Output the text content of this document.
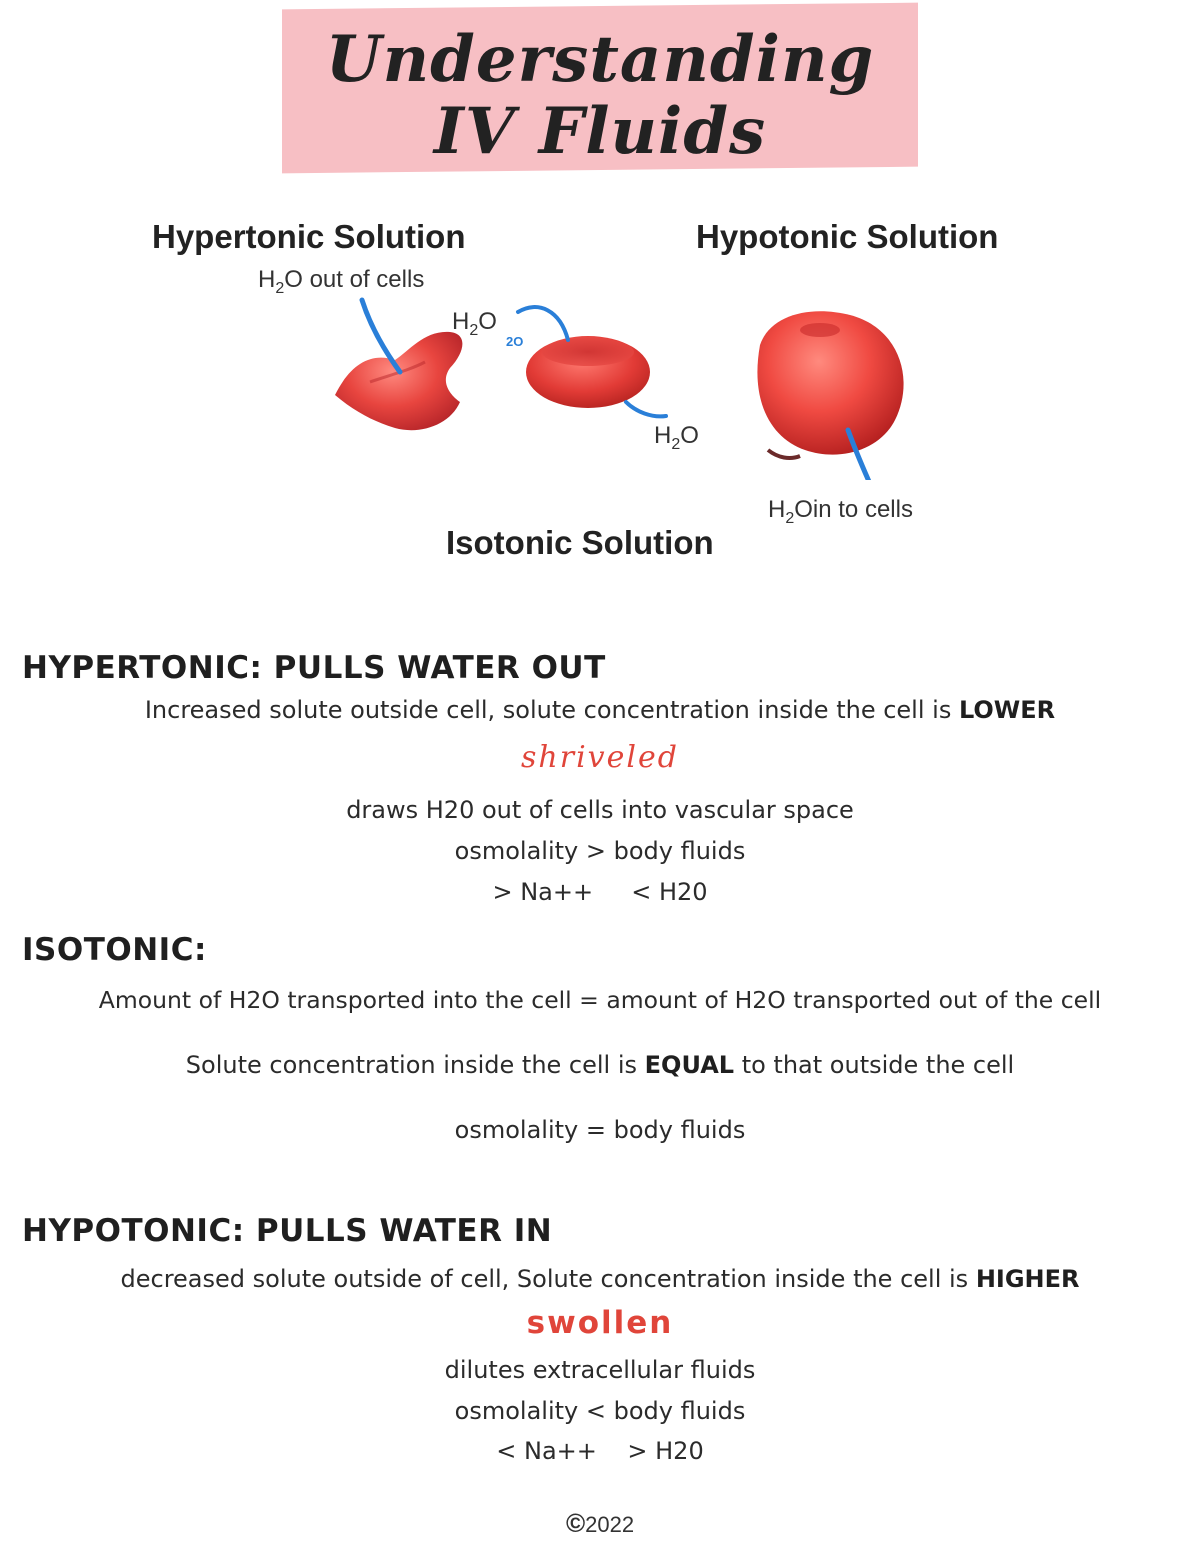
Understanding
IV Fluids
Hypertonic Solution	Hypotonic Solution
Isotonic Solution
$H_2O$ out of cells
$H_2O$
2O
$H_2O$
$H_2Oin$ to cells
HYPERTONIC: PULLS WATER OUT
Increased solute outside cell, solute concentration inside the cell is LOWER
shriveled
draws H20 out of cells into vascular space
osmolality > body fluids
> Na++     < H20
ISOTONIC:
Amount of H2O transported into the cell = amount of H2O transported out of the cell
Solute concentration inside the cell is EQUAL to that outside the cell
osmolality = body fluids
HYPOTONIC: PULLS WATER IN
decreased solute outside of cell, Solute concentration inside the cell is HIGHER
swollen
dilutes extracellular fluids
osmolality < body fluids
< Na++    > H20
©2022
